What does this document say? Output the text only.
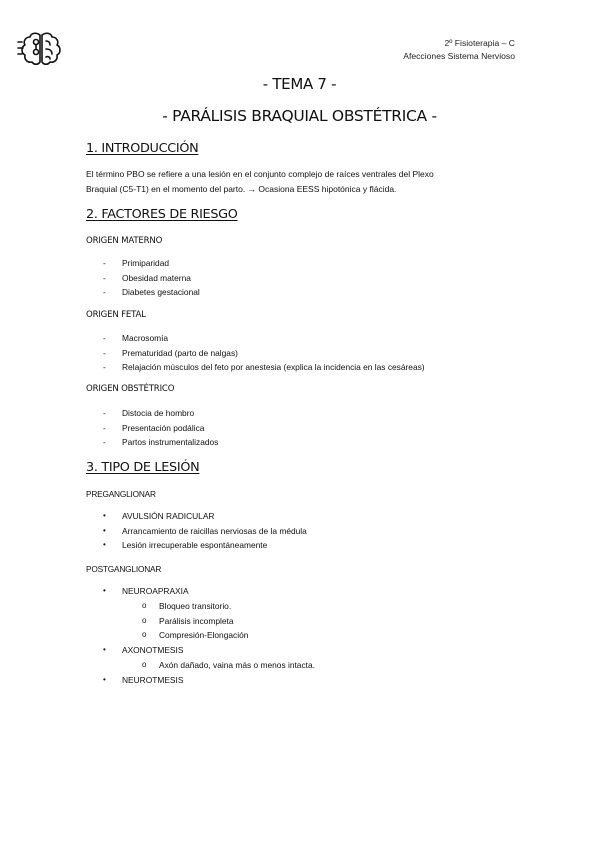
2º Fisioterapia – C
Afecciones Sistema Nervioso
- TEMA 7 -
- PARÁLISIS BRAQUIAL OBSTÉTRICA -
1. INTRODUCCIÓN
El término PBO se refiere a una lesión en el conjunto complejo de raíces ventrales del Plexo
Braquial (C5-T1) en el momento del parto. → Ocasiona EESS hipotónica y flácida.
2. FACTORES DE RIESGO
ORIGEN MATERNO
- Primiparidad
- Obesidad materna
- Diabetes gestacional
ORIGEN FETAL
- Macrosomía
- Prematuridad (parto de nalgas)
- Relajación músculos del feto por anestesia (explica la incidencia en las cesáreas)
ORIGEN OBSTÉTRICO
- Distocia de hombro
- Presentación podálica
- Partos instrumentalizados
3. TIPO DE LESIÓN
PREGANGLIONAR
• AVULSIÓN RADICULAR
• Arrancamiento de raicillas nerviosas de la médula
• Lesión irrecuperable espontáneamente
POSTGANGLIONAR
• NEUROAPRAXIA
o Bloqueo transitorio.
o Parálisis incompleta
o Compresión-Elongación
• AXONOTMESIS
o Axón dañado, vaina más o menos intacta.
• NEUROTMESIS
